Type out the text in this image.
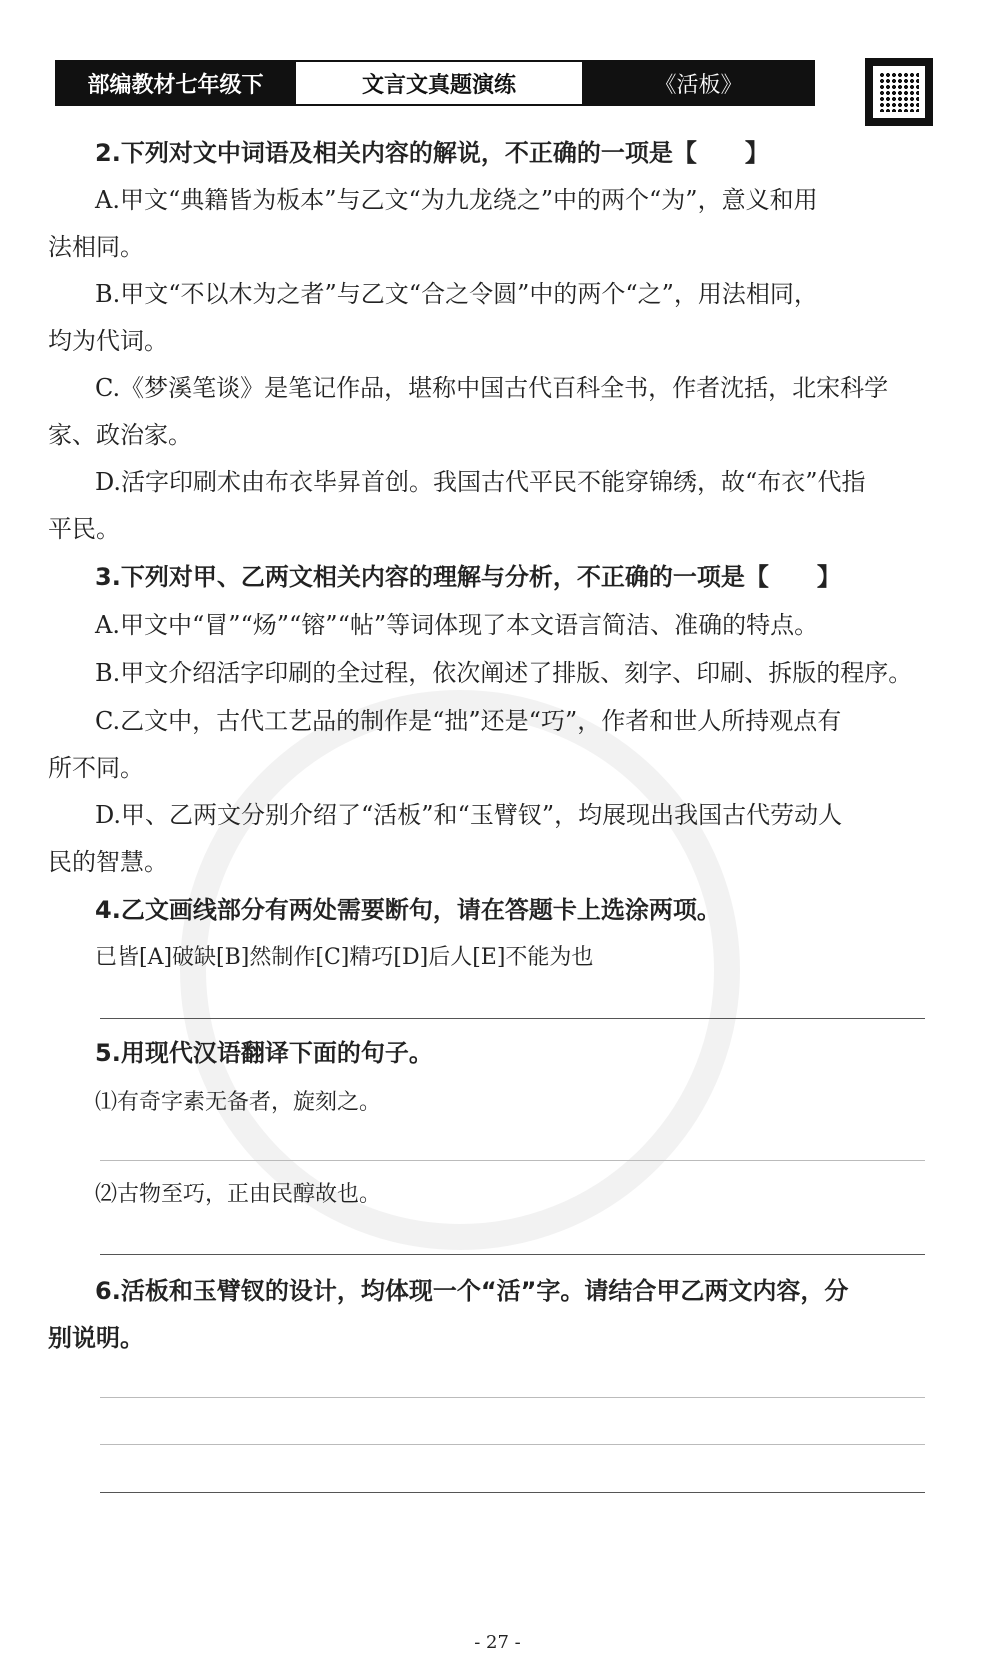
部编教材七年级下	文言文真题演练	《活板》
2.下列对文中词语及相关内容的解说，不正确的一项是【　　】
A.甲文“典籍皆为板本”与乙文“为九龙绕之”中的两个“为”，意义和用
法相同。
B.甲文“不以木为之者”与乙文“合之令圆”中的两个“之”，用法相同，
均为代词。
C.《梦溪笔谈》是笔记作品，堪称中国古代百科全书，作者沈括，北宋科学
家、政治家。
D.活字印刷术由布衣毕昇首创。我国古代平民不能穿锦绣，故“布衣”代指
平民。
3.下列对甲、乙两文相关内容的理解与分析，不正确的一项是【　　】
A.甲文中“冒”“炀”“镕”“帖”等词体现了本文语言简洁、准确的特点。
B.甲文介绍活字印刷的全过程，依次阐述了排版、刻字、印刷、拆版的程序。
C.乙文中，古代工艺品的制作是“拙”还是“巧”，作者和世人所持观点有
所不同。
D.甲、乙两文分别介绍了“活板”和“玉臂钗”，均展现出我国古代劳动人
民的智慧。
4.乙文画线部分有两处需要断句，请在答题卡上选涂两项。
已皆[A]破缺[B]然制作[C]精巧[D]后人[E]不能为也
5.用现代汉语翻译下面的句子。
⑴有奇字素无备者，旋刻之。
⑵古物至巧，正由民醇故也。
6.活板和玉臂钗的设计，均体现一个“活”字。请结合甲乙两文内容，分
别说明。
- 27 -
